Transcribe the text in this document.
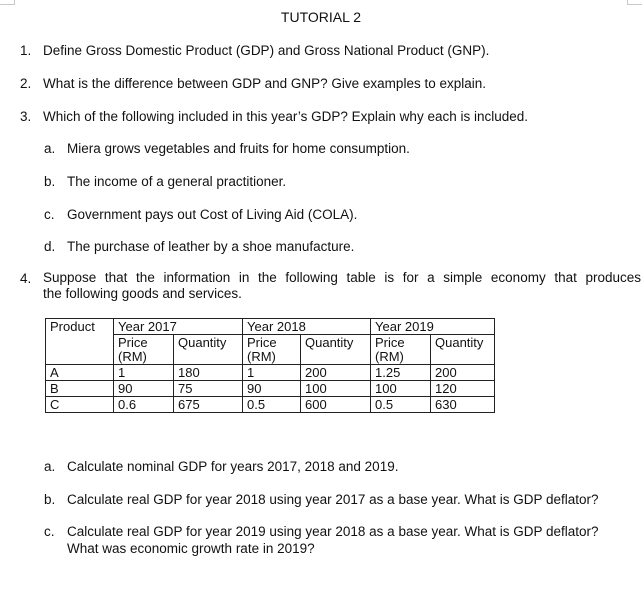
TUTORIAL 2
1. Define Gross Domestic Product (GDP) and Gross National Product (GNP).
2. What is the difference between GDP and GNP? Give examples to explain.
3. Which of the following included in this year’s GDP? Explain why each is included.
a. Miera grows vegetables and fruits for home consumption.
b. The income of a general practitioner.
c. Government pays out Cost of Living Aid (COLA).
d. The purchase of leather by a shoe manufacture.
4. Suppose that the information in the following table is for a simple economy that produces
the following goods and services.
Product	Year 2017		Year 2018		Year 2019	
	Price
(RM)	Quantity	Price
(RM)	Quantity	Price
(RM)	Quantity
A	1	180	1	200	1.25	200
B	90	75	90	100	100	120
C	0.6	675	0.5	600	0.5	630
a. Calculate nominal GDP for years 2017, 2018 and 2019.
b. Calculate real GDP for year 2018 using year 2017 as a base year. What is GDP deflator?
c. Calculate real GDP for year 2019 using year 2018 as a base year. What is GDP deflator?
What was economic growth rate in 2019?
